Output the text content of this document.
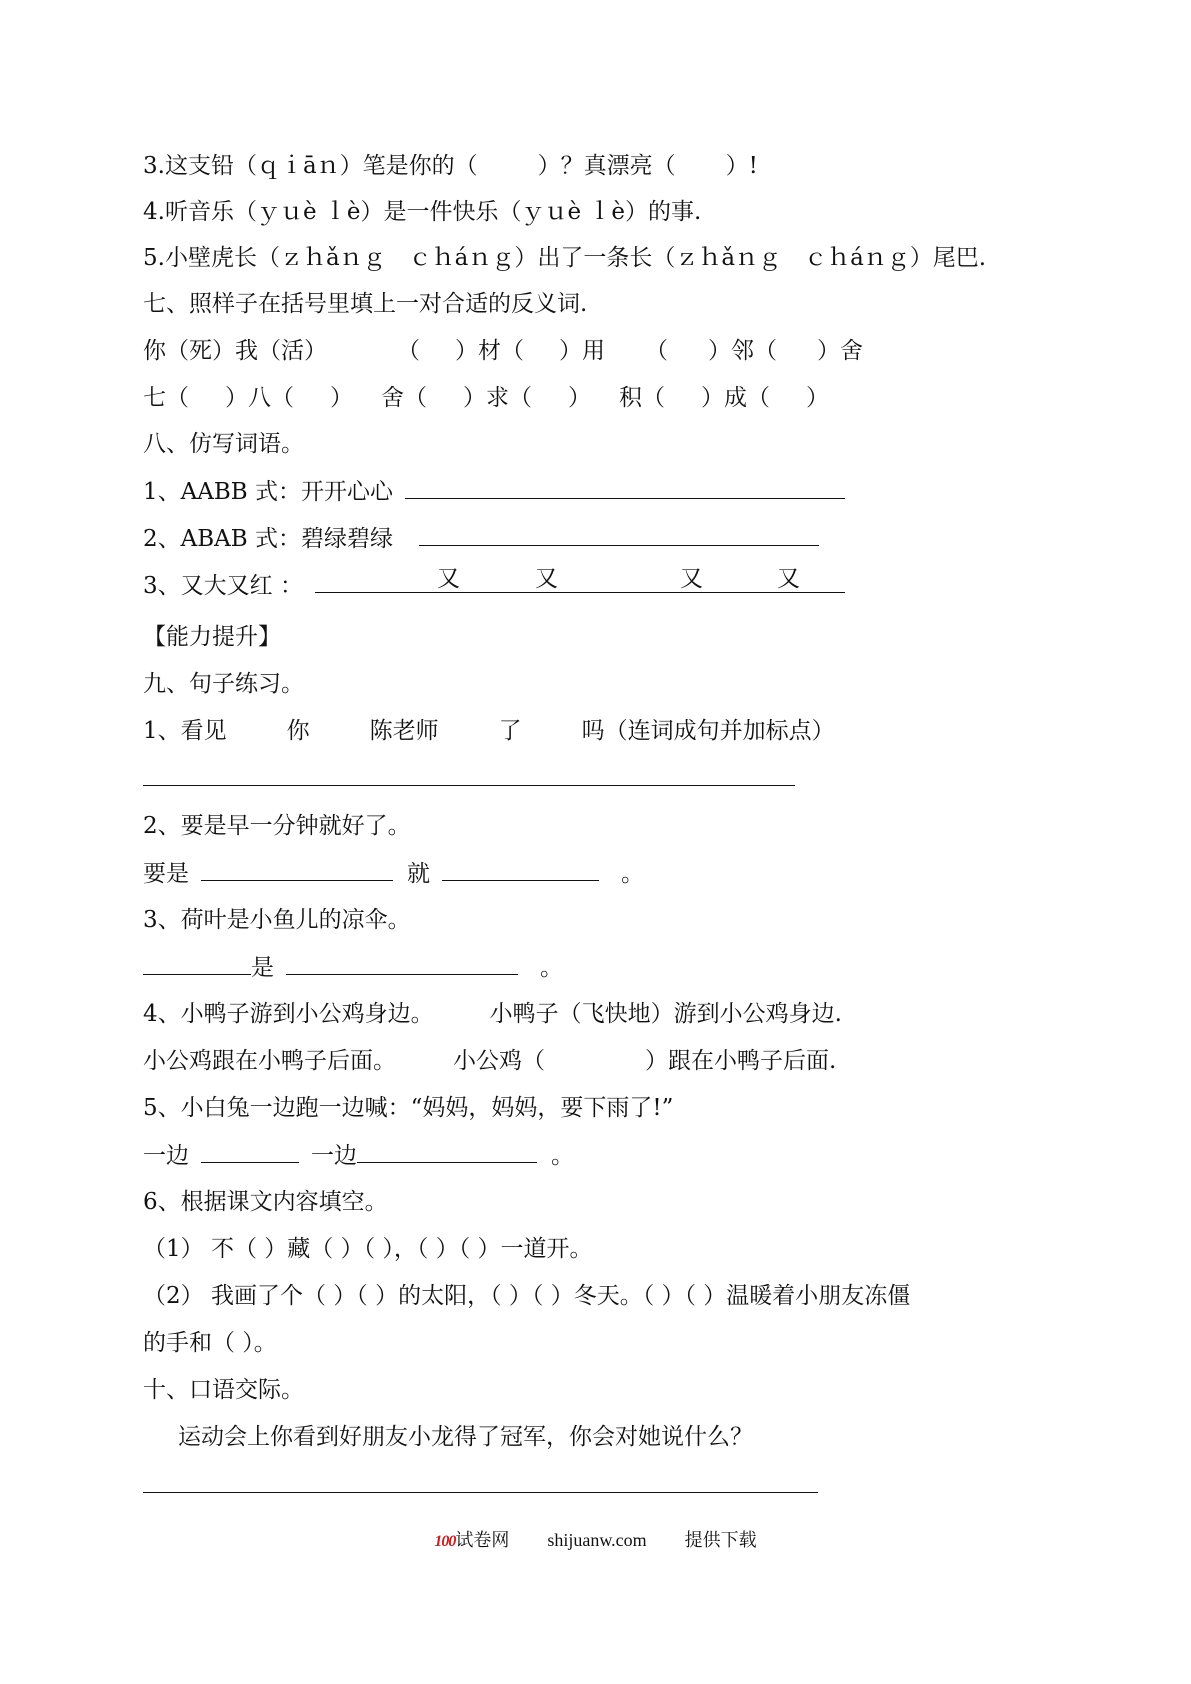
3.这支铅（ｑｉāｎ）笔是你的（	）？真漂亮（ ）!
4.听音乐（ｙｕè ｌè）是一件快乐（ｙｕè ｌè）的事.
5.小壁虎长（ｚｈǎｎｇ　ｃｈáｎｇ）出了一条长（ｚｈǎｎｇ　ｃｈáｎｇ）尾巴.
七、照样子在括号里填上一对合适的反义词.
你（死）我（活）	（ ）材（ ）用 （ ）邻（ ）舍
七（ ）八（ ） 舍（ ）求（ ） 积（ ）成（ ）
八、仿写词语。
1、AABB 式：开开心心
2、ABAB 式：碧绿碧绿
3、又大又红 ：	又	又	又	又
【能力提升】
九、句子练习。
1、看见	你	陈老师	了	吗（连词成句并加标点）
2、要是早一分钟就好了。
要是	就	。
3、荷叶是小鱼儿的凉伞。
是	。
4、小鸭子游到小公鸡身边。 小鸭子（飞快地）游到小公鸡身边.
小公鸡跟在小鸭子后面。 小公鸡（	）跟在小鸭子后面.
5、小白兔一边跑一边喊：“妈妈，妈妈，要下雨了!”
一边	一边	。
6、根据课文内容填空。
（1） 不（ ）藏（ ）（ ），（ ）（ ）一道开。
（2） 我画了个（ ）（ ）的太阳，（ ）（ ）冬天。（ ）（ ）温暖着小朋友冻僵
的手和（ ）。
十、口语交际。
运动会上你看到好朋友小龙得了冠军，你会对她说什么？
100试卷网 shijuanw.com 提供下载
